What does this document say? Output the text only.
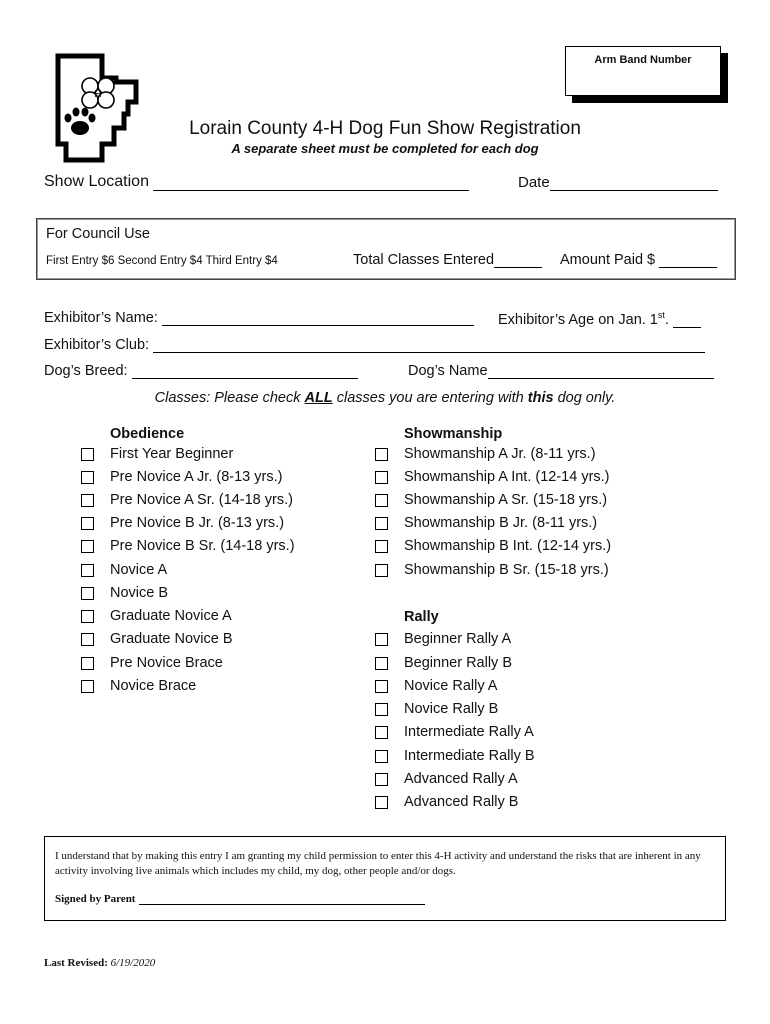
Arm Band Number
H
Lorain County 4-H Dog Fun Show Registration
A separate sheet must be completed for each dog
Show Location	Date
For Council Use
First Entry $6 Second Entry $4 Third Entry $4	Total Classes Entered	Amount Paid $
Exhibitor’s Name:	Exhibitor’s Age on Jan. 1st.
Exhibitor’s Club:
Dog’s Breed:	Dog’s Name
Classes: Please check ALL classes you are entering with this dog only.
Obedience
First Year Beginner
Pre Novice A Jr. (8-13 yrs.)
Pre Novice A Sr. (14-18 yrs.)
Pre Novice B Jr. (8-13 yrs.)
Pre Novice B Sr. (14-18 yrs.)
Novice A
Novice B
Graduate Novice A
Graduate Novice B
Pre Novice Brace
Novice Brace
Showmanship
Showmanship A Jr. (8-11 yrs.)
Showmanship A Int. (12-14 yrs.)
Showmanship A Sr. (15-18 yrs.)
Showmanship B Jr. (8-11 yrs.)
Showmanship B Int. (12-14 yrs.)
Showmanship B Sr. (15-18 yrs.)
Rally
Beginner Rally A
Beginner Rally B
Novice Rally A
Novice Rally B
Intermediate Rally A
Intermediate Rally B
Advanced Rally A
Advanced Rally B

I understand that by making this entry I am granting my child permission to enter this 4-H activity and understand the risks that are inherent in any activity involving live animals which includes my child, my dog, other people and/or dogs.

Signed by Parent
Last Revised: 6/19/2020
